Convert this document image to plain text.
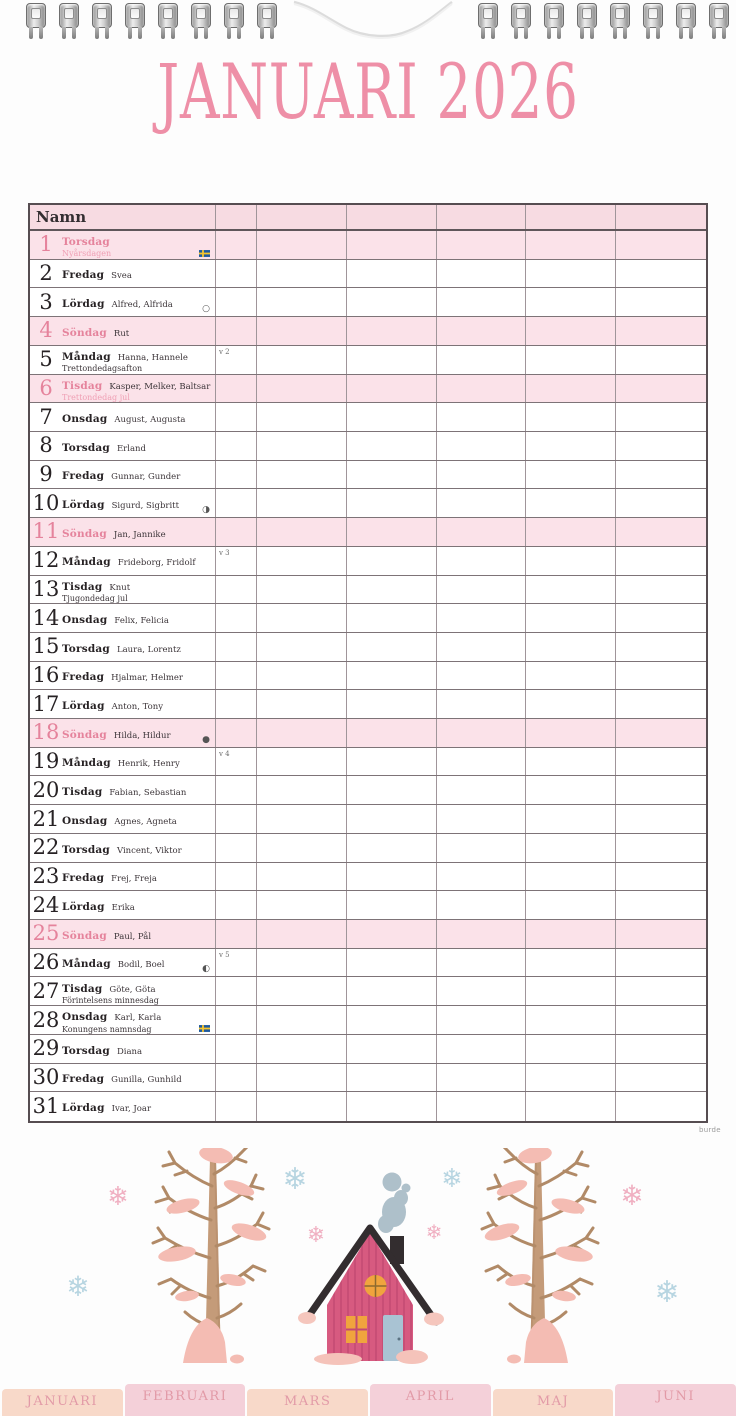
JANUARI 2026
Namn
1 Torsdag
Nyårsdagen
2 Fredag Svea
3 Lördag Alfred, Alfrida	○
4 Söndag Rut
5 Måndag Hanna, Hannele
Trettondedagsafton
v 2
6 Tisdag Kasper, Melker, Baltsar
Trettondedag jul
7 Onsdag August, Augusta
8 Torsdag Erland
9 Fredag Gunnar, Gunder
10 Lördag Sigurd, Sigbritt	◑
11 Söndag Jan, Jannike
12 Måndag Frideborg, Fridolf
v 3
13 Tisdag Knut
Tjugondedag jul
14 Onsdag Felix, Felicia
15 Torsdag Laura, Lorentz
16 Fredag Hjalmar, Helmer
17 Lördag Anton, Tony
18 Söndag Hilda, Hildur	●
19 Måndag Henrik, Henry
v 4
20 Tisdag Fabian, Sebastian
21 Onsdag Agnes, Agneta
22 Torsdag Vincent, Viktor
23 Fredag Frej, Freja
24 Lördag Erika
25 Söndag Paul, Pål
26 Måndag Bodil, Boel	◐
v 5
27 Tisdag Göte, Göta
Förintelsens minnesdag
28 Onsdag Karl, Karla
Konungens namnsdag
29 Torsdag Diana
30 Fredag Gunilla, Gunhild
31 Lördag Ivar, Joar
burde
❄	❄
❄
❄
❄
❄	❄
❄
JANUARI	FEBRUARI	MARS	APRIL	MAJ	JUNI
